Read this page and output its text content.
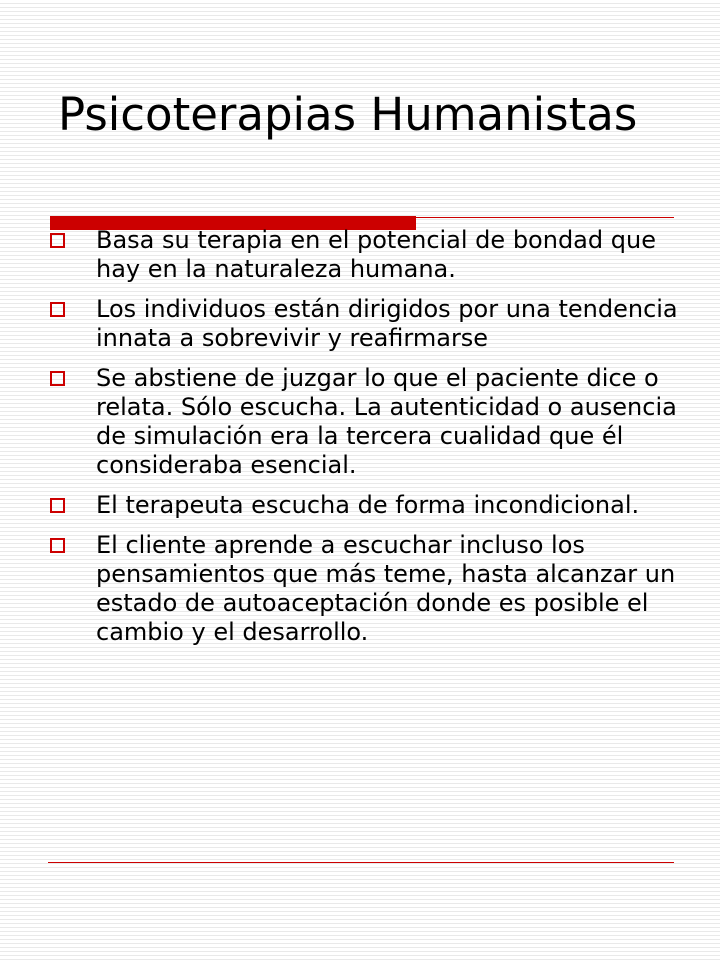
Psicoterapias Humanistas
Basa su terapia en el potencial de bondad que hay en la naturaleza humana.
Los individuos están dirigidos por una tendencia innata a sobrevivir y reafirmarse
Se abstiene de juzgar lo que el paciente dice o relata. Sólo escucha. La autenticidad o ausencia de simulación era la tercera cualidad que él consideraba esencial.
El terapeuta escucha de forma incondicional.
El cliente aprende a escuchar incluso los pensamientos que más teme, hasta alcanzar un estado de autoaceptación donde es posible el cambio y el desarrollo.
